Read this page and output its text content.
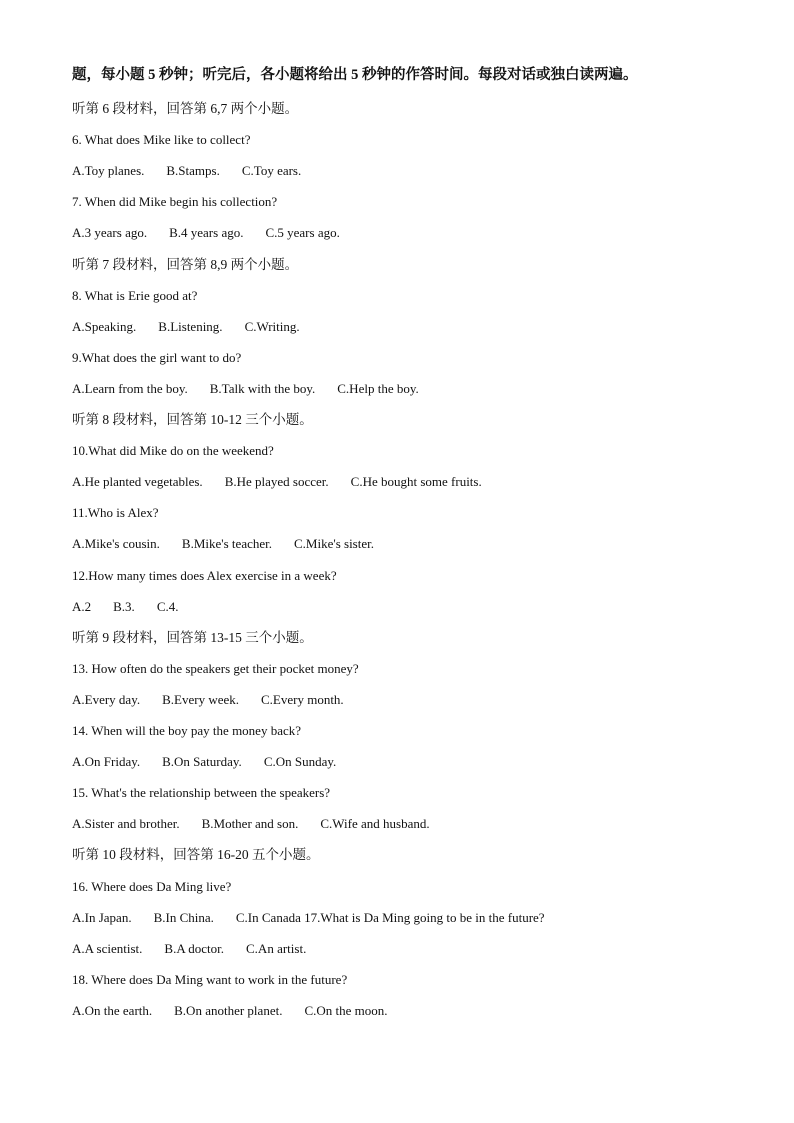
题，每小题 5 秒钟；听完后，各小题将给出 5 秒钟的作答时间。每段对话或独白读两遍。
听第 6 段材料，回答第 6,7 两个小题。
6. What does Mike like to collect?
A.Toy planes. B.Stamps. C.Toy ears.
7. When did Mike begin his collection?
A.3 years ago. B.4 years ago. C.5 years ago.
听第 7 段材料，回答第 8,9 两个小题。
8. What is Erie good at?
A.Speaking. B.Listening. C.Writing.
9.What does the girl want to do?
A.Learn from the boy. B.Talk with the boy. C.Help the boy.
听第 8 段材料，回答第 10-12 三个小题。
10.What did Mike do on the weekend?
A.He planted vegetables. B.He played soccer. C.He bought some fruits.
11.Who is Alex?
A.Mike's cousin. B.Mike's teacher. C.Mike's sister.
12.How many times does Alex exercise in a week?
A.2 B.3. C.4.
听第 9 段材料，回答第 13-15 三个小题。
13. How often do the speakers get their pocket money?
A.Every day. B.Every week. C.Every month.
14. When will the boy pay the money back?
A.On Friday. B.On Saturday. C.On Sunday.
15. What's the relationship between the speakers?
A.Sister and brother. B.Mother and son. C.Wife and husband.
听第 10 段材料，回答第 16-20 五个小题。
16. Where does Da Ming live?
A.In Japan. B.In China. C.In Canada 17.What is Da Ming going to be in the future?
A.A scientist. B.A doctor. C.An artist.
18. Where does Da Ming want to work in the future?
A.On the earth. B.On another planet. C.On the moon.
